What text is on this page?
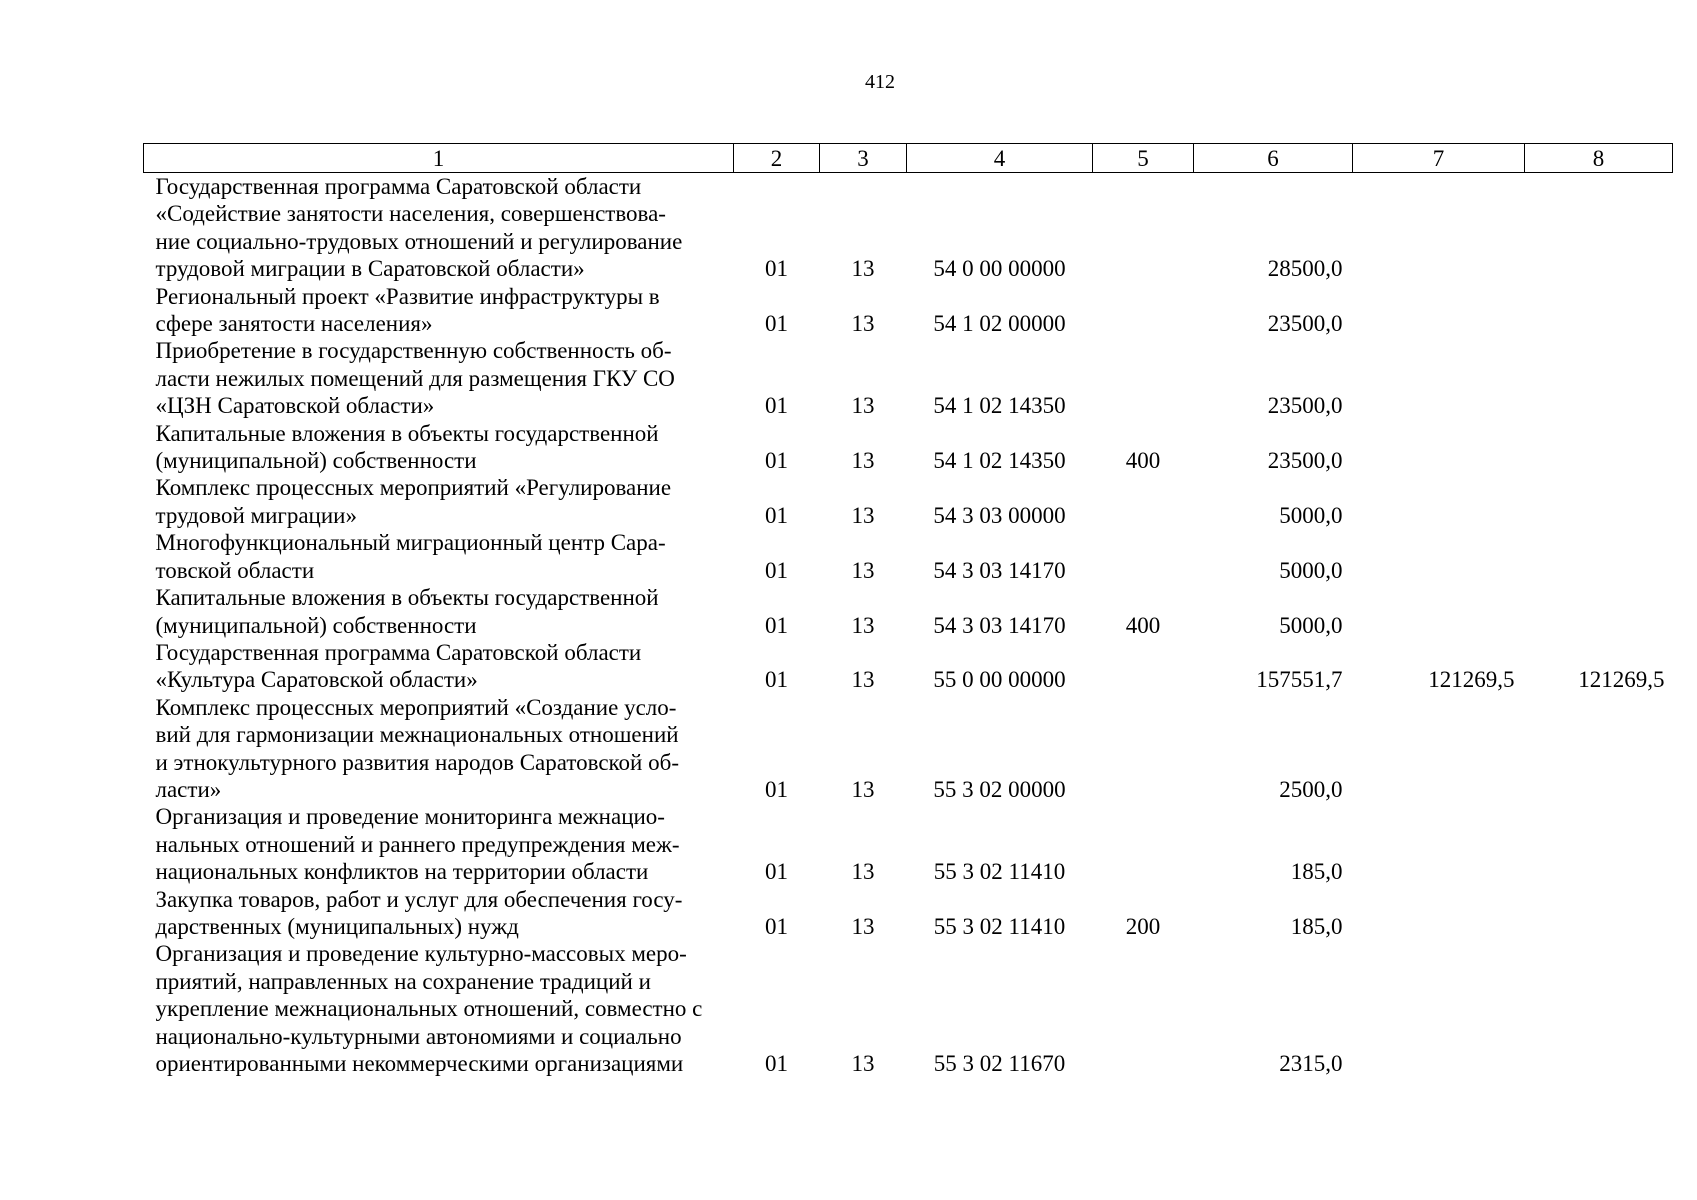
412
1	2	3	4	5	6	7	8

Государственная программа Саратовской области
«Содействие занятости населения, совершенствова-
ние социально-трудовых отношений и регулирование
трудовой миграции в Саратовской области»	01	13	54 0 00 00000		28500,0		

Региональный проект «Развитие инфраструктуры в
сфере занятости населения»	01	13	54 1 02 00000		23500,0		

Приобретение в государственную собственность об-
ласти нежилых помещений для размещения ГКУ СО
«ЦЗН Саратовской области»	01	13	54 1 02 14350		23500,0		

Капитальные вложения в объекты государственной
(муниципальной) собственности	01	13	54 1 02 14350	400	23500,0		

Комплекс процессных мероприятий «Регулирование
трудовой миграции»	01	13	54 3 03 00000		5000,0		

Многофункциональный миграционный центр Сара-
товской области	01	13	54 3 03 14170		5000,0		

Капитальные вложения в объекты государственной
(муниципальной) собственности	01	13	54 3 03 14170	400	5000,0		

Государственная программа Саратовской области
«Культура Саратовской области»	01	13	55 0 00 00000		157551,7	121269,5	121269,5

Комплекс процессных мероприятий «Создание усло-
вий для гармонизации межнациональных отношений
и этнокультурного развития народов Саратовской об-
ласти»	01	13	55 3 02 00000		2500,0		

Организация и проведение мониторинга межнацио-
нальных отношений и раннего предупреждения меж-
национальных конфликтов на территории области	01	13	55 3 02 11410		185,0		

Закупка товаров, работ и услуг для обеспечения госу-
дарственных (муниципальных) нужд	01	13	55 3 02 11410	200	185,0		

Организация и проведение культурно-массовых меро-
приятий, направленных на сохранение традиций и
укрепление межнациональных отношений, совместно с
национально-культурными автономиями и социально
ориентированными некоммерческими организациями	01	13	55 3 02 11670		2315,0		
